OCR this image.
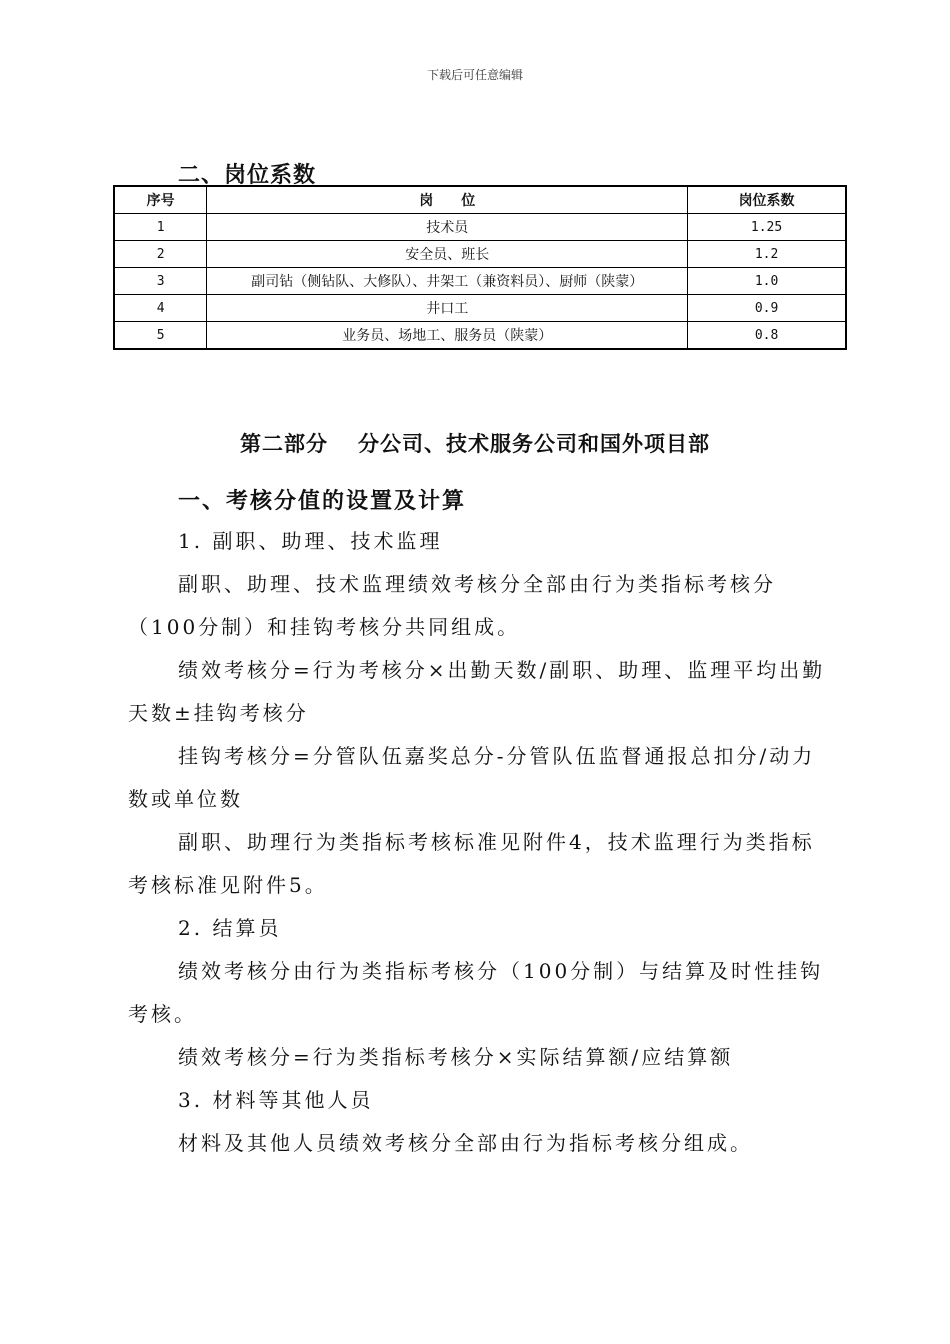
下载后可任意编辑
二、岗位系数
序号	岗　　位	岗位系数
1	技术员	1.25
2	安全员、班长	1.2
3	副司钻（侧钻队、大修队）、井架工（兼资料员）、厨师（陕蒙）	1.0
4	井口工	0.9
5	业务员、场地工、服务员（陕蒙）	0.8
第二部分 分公司、技术服务公司和国外项目部
一、考核分值的设置及计算
1. 副职、助理、技术监理
副职、助理、技术监理绩效考核分全部由行为类指标考核分（100分制）和挂钩考核分共同组成。
绩效考核分=行为考核分×出勤天数/副职、助理、监理平均出勤天数±挂钩考核分
挂钩考核分=分管队伍嘉奖总分-分管队伍监督通报总扣分/动力数或单位数
副职、助理行为类指标考核标准见附件4，技术监理行为类指标考核标准见附件5。
2. 结算员
绩效考核分由行为类指标考核分（100分制）与结算及时性挂钩考核。
绩效考核分=行为类指标考核分×实际结算额/应结算额
3. 材料等其他人员
材料及其他人员绩效考核分全部由行为指标考核分组成。
